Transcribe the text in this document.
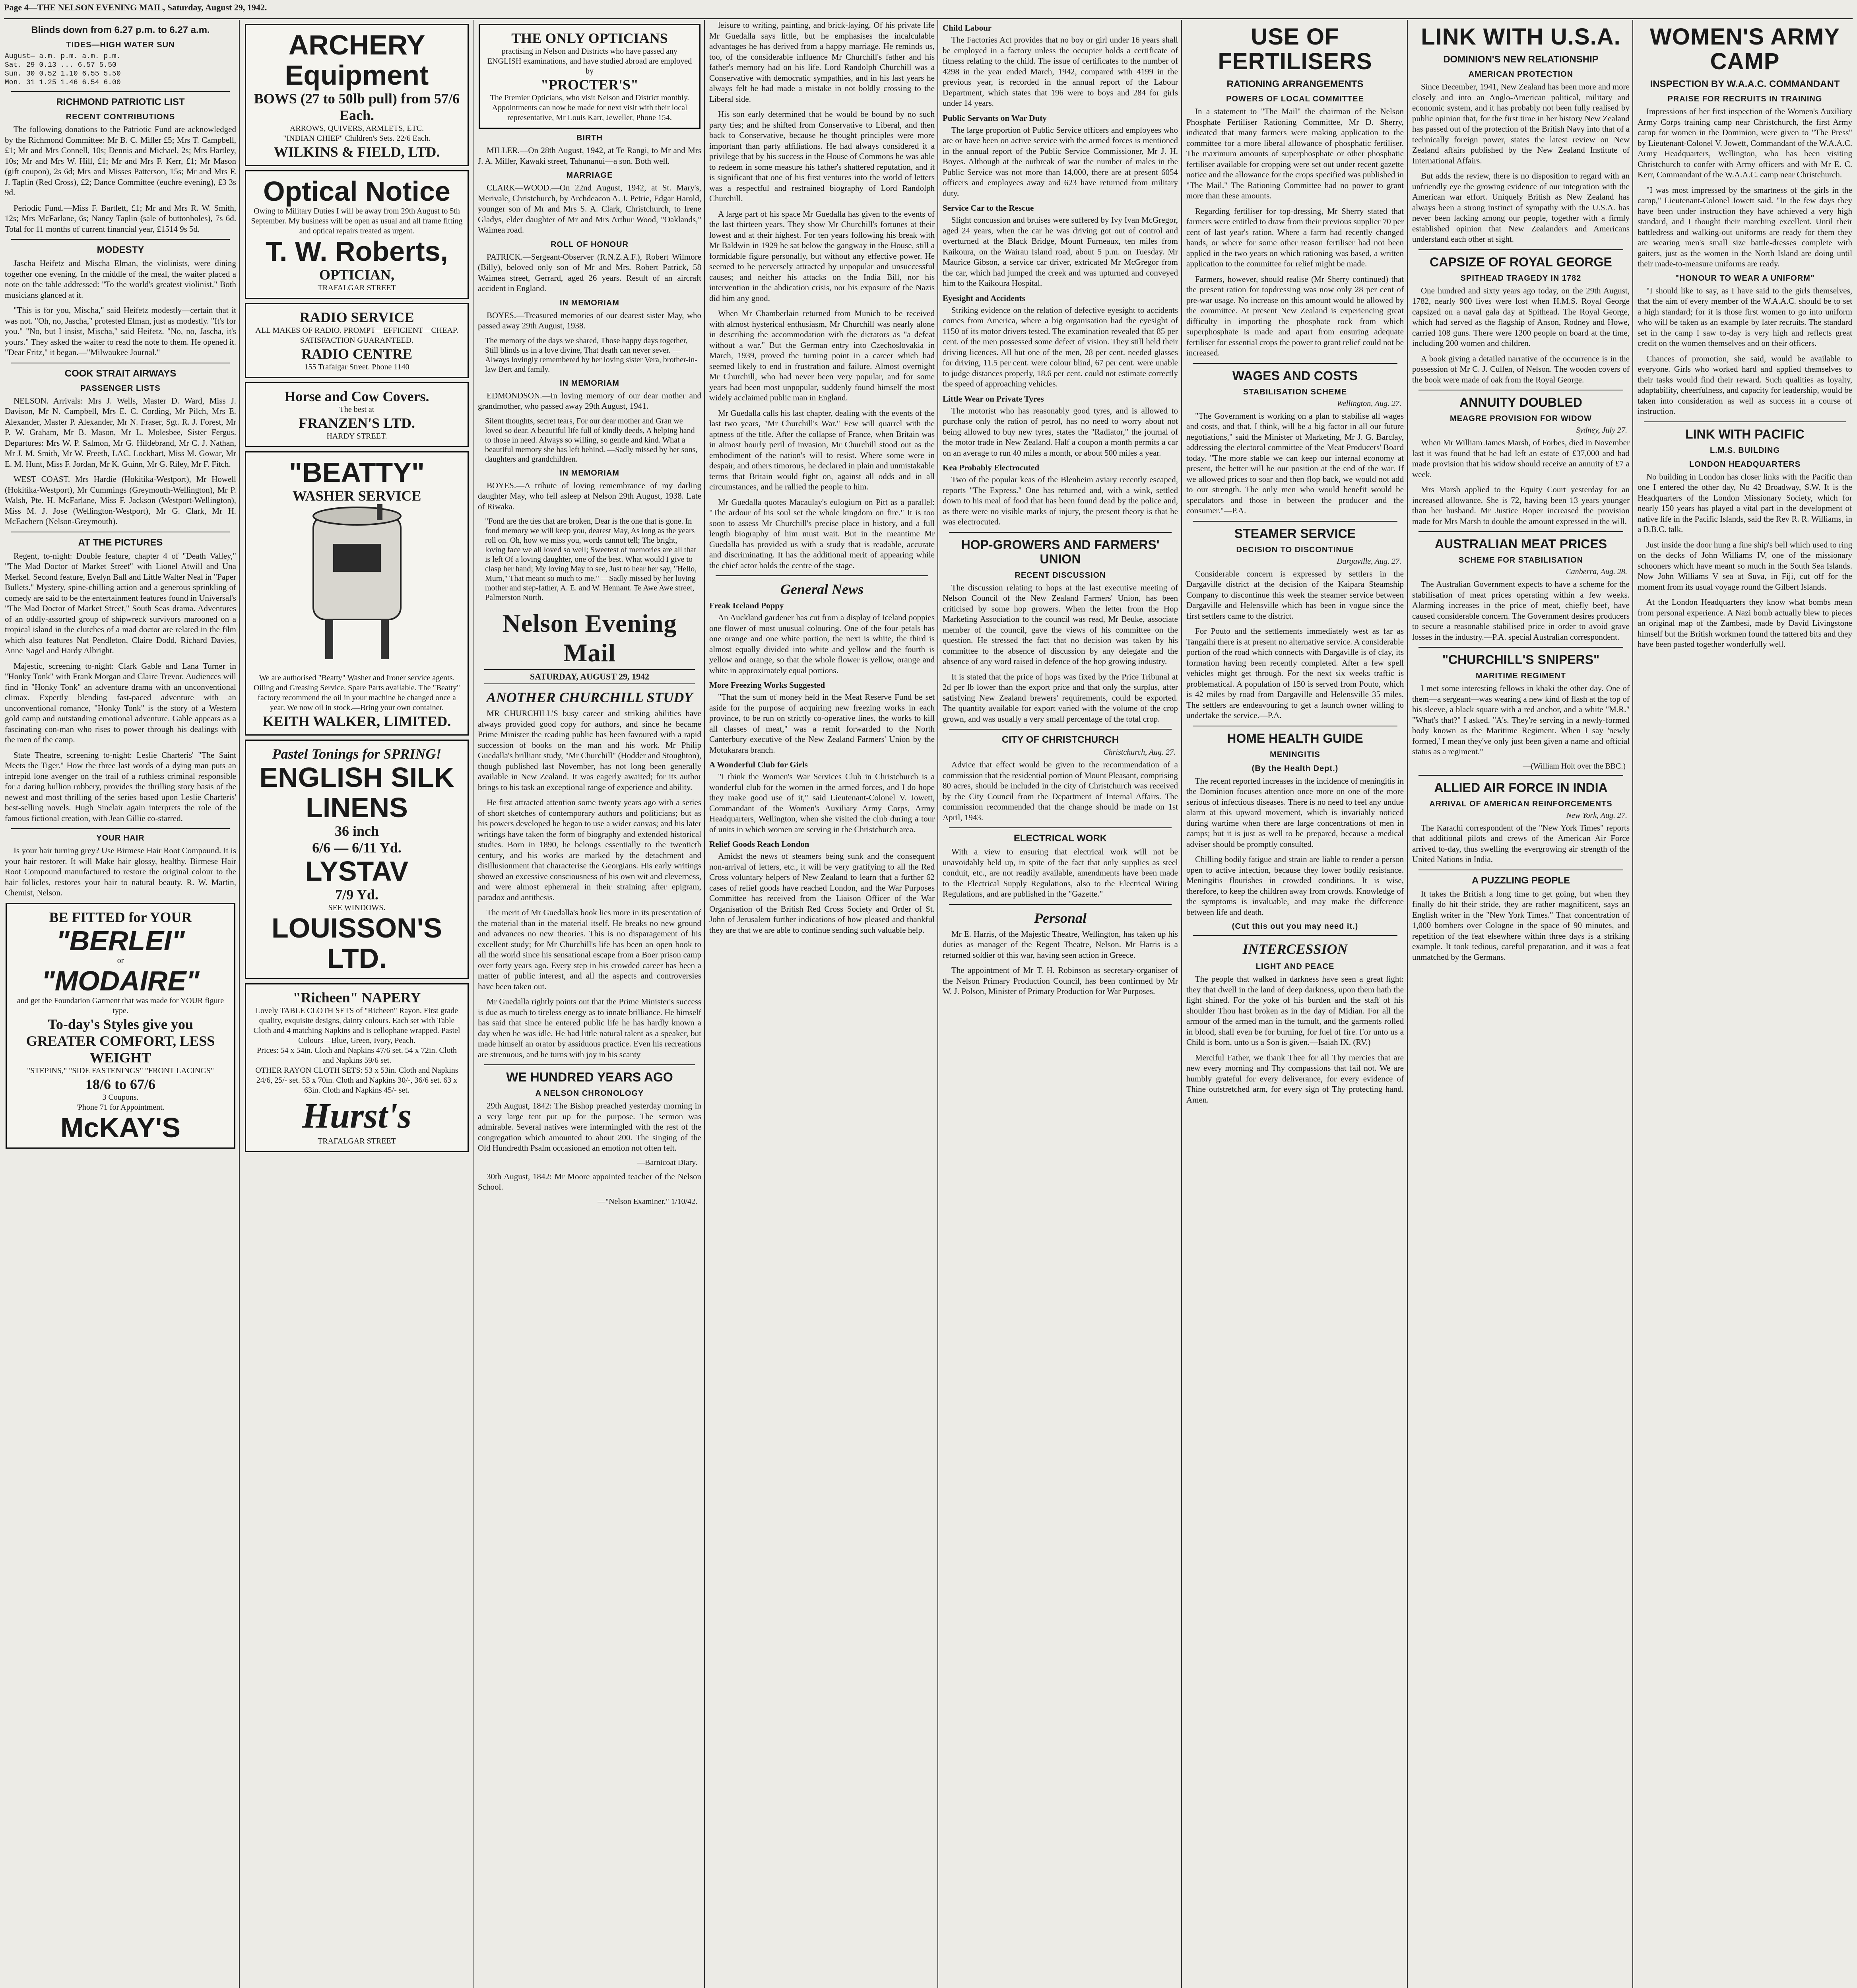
Page 4—THE NELSON EVENING MAIL, Saturday, August 29, 1942.
Blinds down from 6.27 p.m. to 6.27 a.m.
TIDES—HIGH WATER SUN
August— a.m. p.m. a.m. p.m.
Sat. 29 0.13 ... 6.57 5.50
Sun. 30 0.52 1.10 6.55 5.50
Mon. 31 1.25 1.46 6.54 6.00
RICHMOND PATRIOTIC LIST
RECENT CONTRIBUTIONS

The following donations to the Patriotic Fund are acknowledged by the Richmond Committee: Mr B. C. Miller £5; Mrs T. Campbell, £1; Mr and Mrs Connell, 10s; Dennis and Michael, 2s; Mrs Hartley, 10s; Mr and Mrs W. Hill, £1; Mr and Mrs F. Kerr, £1; Mr Mason (gift coupon), 2s 6d; Mrs and Misses Patterson, 15s; Mr and Mrs F. J. Taplin (Red Cross), £2; Dance Committee (euchre evening), £3 3s 9d.

Periodic Fund.—Miss F. Bartlett, £1; Mr and Mrs R. W. Smith, 12s; Mrs McFarlane, 6s; Nancy Taplin (sale of buttonholes), 7s 6d. Total for 11 months of current financial year, £1514 9s 5d.

MODESTY

Jascha Heifetz and Mischa Elman, the violinists, were dining together one evening. In the middle of the meal, the waiter placed a note on the table addressed: "To the world's greatest violinist." Both musicians glanced at it.

"This is for you, Mischa," said Heifetz modestly—certain that it was not. "Oh, no, Jascha," protested Elman, just as modestly. "It's for you." "No, but I insist, Mischa," said Heifetz. "No, no, Jascha, it's yours." They asked the waiter to read the note to them. He opened it. "Dear Fritz," it began.—"Milwaukee Journal."

COOK STRAIT AIRWAYS
PASSENGER LISTS

NELSON. Arrivals: Mrs J. Wells, Master D. Ward, Miss J. Davison, Mr N. Campbell, Mrs E. C. Cording, Mr Pilch, Mrs E. Alexander, Master P. Alexander, Mr N. Fraser, Sgt. R. J. Forest, Mr P. W. Graham, Mr B. Mason, Mr L. Molesbee, Sister Fergus. Departures: Mrs W. P. Salmon, Mr G. Hildebrand, Mr C. J. Nathan, Mr J. M. Smith, Mr W. Freeth, LAC. Lockhart, Miss M. Gowar, Mr E. M. Hunt, Miss F. Jordan, Mr K. Guinn, Mr G. Riley, Mr F. Fitch.

WEST COAST. Mrs Hardie (Hokitika-Westport), Mr Howell (Hokitika-Westport), Mr Cummings (Greymouth-Wellington), Mr P. Walsh, Pte. H. McFarlane, Miss F. Jackson (Westport-Wellington), Miss M. J. Jose (Wellington-Westport), Mr G. Clark, Mr H. McEachern (Nelson-Greymouth).

AT THE PICTURES

Regent, to-night: Double feature, chapter 4 of "Death Valley," "The Mad Doctor of Market Street" with Lionel Atwill and Una Merkel. Second feature, Evelyn Ball and Little Walter Neal in "Paper Bullets." Mystery, spine-chilling action and a generous sprinkling of comedy are said to be the entertainment features found in Universal's "The Mad Doctor of Market Street," South Seas drama. Adventures of an oddly-assorted group of shipwreck survivors marooned on a tropical island in the clutches of a mad doctor are related in the film which also features Nat Pendleton, Claire Dodd, Richard Davies, Anne Nagel and Hardy Albright.

Majestic, screening to-night: Clark Gable and Lana Turner in "Honky Tonk" with Frank Morgan and Claire Trevor. Audiences will find in "Honky Tonk" an adventure drama with an unconventional climax. Expertly blending fast-paced adventure with an unconventional romance, "Honky Tonk" is the story of a Western gold camp and outstanding emotional adventure. Gable appears as a fascinating con-man who rises to power through his dealings with the men of the camp.

State Theatre, screening to-night: Leslie Charteris' "The Saint Meets the Tiger." How the three last words of a dying man puts an intrepid lone avenger on the trail of a ruthless criminal responsible for a daring bullion robbery, provides the thrilling story basis of the newest and most thrilling of the series based upon Leslie Charteris' best-selling novels. Hugh Sinclair again interprets the role of the famous fictional creation, with Jean Gillie co-starred.

YOUR HAIR

Is your hair turning grey? Use Birmese Hair Root Compound. It is your hair restorer. It will Make hair glossy, healthy. Birmese Hair Root Compound manufactured to restore the original colour to the hair follicles, restores your hair to natural beauty. R. W. Martin, Chemist, Nelson.

BE FITTED for YOUR
"BERLEI"
or
"MODAIRE"
and get the Foundation Garment that was made for YOUR figure type.
To-day's Styles give you GREATER COMFORT, LESS WEIGHT
"STEPINS," "SIDE FASTENINGS" "FRONT LACINGS"
18/6 to 67/6
3 Coupons.
'Phone 71 for Appointment.
McKAY'S
ARCHERY Equipment
BOWS (27 to 50lb pull) from 57/6 Each.
ARROWS, QUIVERS, ARMLETS, ETC.
"INDIAN CHIEF" Children's Sets. 22/6 Each.
WILKINS & FIELD, LTD.
Optical Notice
Owing to Military Duties I will be away from 29th August to 5th September. My business will be open as usual and all frame fitting and optical repairs treated as urgent.
T. W. Roberts,
OPTICIAN,
TRAFALGAR STREET
RADIO SERVICE
ALL MAKES OF RADIO. PROMPT—EFFICIENT—CHEAP. SATISFACTION GUARANTEED.
RADIO CENTRE
155 Trafalgar Street. Phone 1140
Horse and Cow Covers.
The best at
FRANZEN'S LTD.
HARDY STREET.
"BEATTY"
WASHER SERVICE
We are authorised "Beatty" Washer and Ironer service agents. Oiling and Greasing Service. Spare Parts available. The "Beatty" factory recommend the oil in your machine be changed once a year. We now oil in stock.—Bring your own container.
KEITH WALKER, LIMITED.
Pastel Tonings for SPRING!
ENGLISH SILK LINENS
36 inch
6/6 — 6/11 Yd.
LYSTAV
7/9 Yd.
SEE WINDOWS.
LOUISSON'S LTD.
"Richeen" NAPERY
Lovely TABLE CLOTH SETS of "Richeen" Rayon. First grade quality, exquisite designs, dainty colours. Each set with Table Cloth and 4 matching Napkins and is cellophane wrapped. Pastel Colours—Blue, Green, Ivory, Peach.
Prices: 54 x 54in. Cloth and Napkins 47/6 set. 54 x 72in. Cloth and Napkins 59/6 set.
OTHER RAYON CLOTH SETS: 53 x 53in. Cloth and Napkins 24/6, 25/- set. 53 x 70in. Cloth and Napkins 30/-, 36/6 set. 63 x 63in. Cloth and Napkins 45/- set.
Hurst's
TRAFALGAR STREET
THE ONLY OPTICIANS
practising in Nelson and Districts who have passed any ENGLISH examinations, and have studied abroad are employed by
"PROCTER'S"
The Premier Opticians, who visit Nelson and District monthly. Appointments can now be made for next visit with their local representative, Mr Louis Karr, Jeweller, Phone 154.
BIRTH

MILLER.—On 28th August, 1942, at Te Rangi, to Mr and Mrs J. A. Miller, Kawaki street, Tahunanui—a son. Both well.

MARRIAGE

CLARK—WOOD.—On 22nd August, 1942, at St. Mary's, Merivale, Christchurch, by Archdeacon A. J. Petrie, Edgar Harold, younger son of Mr and Mrs S. A. Clark, Christchurch, to Irene Gladys, elder daughter of Mr and Mrs Arthur Wood, "Oaklands," Waimea road.

ROLL OF HONOUR

PATRICK.—Sergeant-Observer (R.N.Z.A.F.), Robert Wilmore (Billy), beloved only son of Mr and Mrs. Robert Patrick, 58 Waimea street, Gerrard, aged 26 years. Result of an aircraft accident in England.

IN MEMORIAM

BOYES.—Treasured memories of our dearest sister May, who passed away 29th August, 1938.

The memory of the days we shared, Those happy days together, Still blinds us in a love divine, That death can never sever. —Always lovingly remembered by her loving sister Vera, brother-in-law Bert and family.
IN MEMORIAM

EDMONDSON.—In loving memory of our dear mother and grandmother, who passed away 29th August, 1941.

Silent thoughts, secret tears, For our dear mother and Gran we loved so dear. A beautiful life full of kindly deeds, A helping hand to those in need. Always so willing, so gentle and kind. What a beautiful memory she has left behind. —Sadly missed by her sons, daughters and grandchildren.
IN MEMORIAM

BOYES.—A tribute of loving remembrance of my darling daughter May, who fell asleep at Nelson 29th August, 1938. Late of Riwaka.

"Fond are the ties that are broken, Dear is the one that is gone. In fond memory we will keep you, dearest May, As long as the years roll on. Oh, how we miss you, words cannot tell; The bright, loving face we all loved so well; Sweetest of memories are all that is left Of a loving daughter, one of the best. What would I give to clasp her hand; My loving May to see, Just to hear her say, "Hello, Mum," That meant so much to me." —Sadly missed by her loving mother and step-father, A. E. and W. Hennant. Te Awe Awe street, Palmerston North.
Nelson Evening Mail
SATURDAY, AUGUST 29, 1942
ANOTHER CHURCHILL STUDY

MR CHURCHILL'S busy career and striking abilities have always provided good copy for authors, and since he became Prime Minister the reading public has been favoured with a rapid succession of books on the man and his work. Mr Philip Guedalla's brilliant study, "Mr Churchill" (Hodder and Stoughton), though published last November, has not long been generally available in New Zealand. It was eagerly awaited; for its author brings to his task an exceptional range of experience and ability.

He first attracted attention some twenty years ago with a series of short sketches of contemporary authors and politicians; but as his powers developed he began to use a wider canvas; and his later writings have taken the form of biography and extended historical studies. Born in 1890, he belongs essentially to the twentieth century, and his works are marked by the detachment and disillusionment that characterise the Georgians. His early writings showed an excessive consciousness of his own wit and cleverness, and were almost ephemeral in their straining after epigram, paradox and antithesis.

The merit of Mr Guedalla's book lies more in its presentation of the material than in the material itself. He breaks no new ground and advances no new theories. This is no disparagement of his excellent study; for Mr Churchill's life has been an open book to all the world since his sensational escape from a Boer prison camp over forty years ago. Every step in his crowded career has been a matter of public interest, and all the aspects and controversies have been taken out.

Mr Guedalla rightly points out that the Prime Minister's success is due as much to tireless energy as to innate brilliance. He himself has said that since he entered public life he has hardly known a day when he was idle. He had little natural talent as a speaker, but made himself an orator by assiduous practice. Even his recreations are strenuous, and he turns with joy in his scanty

WE HUNDRED YEARS AGO
A NELSON CHRONOLOGY

29th August, 1842: The Bishop preached yesterday morning in a very large tent put up for the purpose. The sermon was admirable. Several natives were intermingled with the rest of the congregation which amounted to about 200. The singing of the Old Hundredth Psalm occasioned an emotion not often felt.

—Barnicoat Diary.

30th August, 1842: Mr Moore appointed teacher of the Nelson School.

—"Nelson Examiner," 1/10/42.

leisure to writing, painting, and brick-laying. Of his private life Mr Guedalla says little, but he emphasises the incalculable advantages he has derived from a happy marriage. He reminds us, too, of the considerable influence Mr Churchill's father and his father's memory had on his life. Lord Randolph Churchill was a Conservative with democratic sympathies, and in his last years he always felt he had made a mistake in not boldly crossing to the Liberal side.

His son early determined that he would be bound by no such party ties; and he shifted from Conservative to Liberal, and then back to Conservative, because he thought principles were more important than party affiliations. He had always considered it a privilege that by his success in the House of Commons he was able to redeem in some measure his father's shattered reputation, and it is significant that one of his first ventures into the world of letters was a respectful and restrained biography of Lord Randolph Churchill.

A large part of his space Mr Guedalla has given to the events of the last thirteen years. They show Mr Churchill's fortunes at their lowest and at their highest. For ten years following his break with Mr Baldwin in 1929 he sat below the gangway in the House, still a formidable figure personally, but without any effective power. He seemed to be perversely attracted by unpopular and unsuccessful causes; and neither his attacks on the India Bill, nor his intervention in the abdication crisis, nor his exposure of the Nazis did him any good.

When Mr Chamberlain returned from Munich to be received with almost hysterical enthusiasm, Mr Churchill was nearly alone in describing the accommodation with the dictators as "a defeat without a war." But the German entry into Czechoslovakia in March, 1939, proved the turning point in a career which had seemed likely to end in frustration and failure. Almost overnight Mr Churchill, who had never been very popular, and for some years had been most unpopular, suddenly found himself the most widely acclaimed public man in England.

Mr Guedalla calls his last chapter, dealing with the events of the last two years, "Mr Churchill's War." Few will quarrel with the aptness of the title. After the collapse of France, when Britain was in almost hourly peril of invasion, Mr Churchill stood out as the embodiment of the nation's will to resist. Where some were in despair, and others timorous, he declared in plain and unmistakable terms that Britain would fight on, against all odds and in all circumstances, and he rallied the people to him.

Mr Guedalla quotes Macaulay's eulogium on Pitt as a parallel: "The ardour of his soul set the whole kingdom on fire." It is too soon to assess Mr Churchill's precise place in history, and a full length biography of him must wait. But in the meantime Mr Guedalla has provided us with a study that is readable, accurate and discriminating. It has the additional merit of appearing while the chief actor holds the centre of the stage.

General News
Freak Iceland Poppy

An Auckland gardener has cut from a display of Iceland poppies one flower of most unusual colouring. One of the four petals has one orange and one white portion, the next is white, the third is almost equally divided into white and yellow and the fourth is yellow and orange, so that the whole flower is yellow, orange and white in approximately equal portions.

More Freezing Works Suggested

"That the sum of money held in the Meat Reserve Fund be set aside for the purpose of acquiring new freezing works in each province, to be run on strictly co-operative lines, the works to kill all classes of meat," was a remit forwarded to the North Canterbury executive of the New Zealand Farmers' Union by the Motukarara branch.

A Wonderful Club for Girls

"I think the Women's War Services Club in Christchurch is a wonderful club for the women in the armed forces, and I do hope they make good use of it," said Lieutenant-Colonel V. Jowett, Commandant of the Women's Auxiliary Army Corps, Army Headquarters, Wellington, when she visited the club during a tour of units in which women are serving in the Christchurch area.

Relief Goods Reach London

Amidst the news of steamers being sunk and the consequent non-arrival of letters, etc., it will be very gratifying to all the Red Cross voluntary helpers of New Zealand to learn that a further 62 cases of relief goods have reached London, and the War Purposes Committee has received from the Liaison Officer of the War Organisation of the British Red Cross Society and Order of St. John of Jerusalem further indications of how pleased and thankful they are that we are able to continue sending such valuable help.

Child Labour

The Factories Act provides that no boy or girl under 16 years shall be employed in a factory unless the occupier holds a certificate of fitness relating to the child. The issue of certificates to the number of 4298 in the year ended March, 1942, compared with 4199 in the previous year, is recorded in the annual report of the Labour Department, which states that 196 were to boys and 284 for girls under 14 years.

Public Servants on War Duty

The large proportion of Public Service officers and employees who are or have been on active service with the armed forces is mentioned in the annual report of the Public Service Commissioner, Mr J. H. Boyes. Although at the outbreak of war the number of males in the Public Service was not more than 14,000, there are at present 6054 officers and employees away and 623 have returned from military duty.

Service Car to the Rescue

Slight concussion and bruises were suffered by Ivy Ivan McGregor, aged 24 years, when the car he was driving got out of control and overturned at the Black Bridge, Mount Furneaux, ten miles from Kaikoura, on the Wairau Island road, about 5 p.m. on Tuesday. Mr Maurice Gibson, a service car driver, extricated Mr McGregor from the car, which had jumped the creek and was upturned and conveyed him to the Kaikoura Hospital.

Eyesight and Accidents

Striking evidence on the relation of defective eyesight to accidents comes from America, where a big organisation had the eyesight of 1150 of its motor drivers tested. The examination revealed that 85 per cent. of the men possessed some defect of vision. They still held their driving licences. All but one of the men, 28 per cent. needed glasses for driving, 11.5 per cent. were colour blind, 67 per cent. were unable to judge distances properly, 18.6 per cent. could not estimate correctly the speed of approaching vehicles.

Little Wear on Private Tyres

The motorist who has reasonably good tyres, and is allowed to purchase only the ration of petrol, has no need to worry about not being allowed to buy new tyres, states the "Radiator," the journal of the motor trade in New Zealand. Half a coupon a month permits a car on an average to run 40 miles a month, or about 500 miles a year.

Kea Probably Electrocuted

Two of the popular keas of the Blenheim aviary recently escaped, reports "The Express." One has returned and, with a wink, settled down to his meal of food that has been found dead by the police and, as there were no visible marks of injury, the present theory is that he was electrocuted.

HOP-GROWERS AND FARMERS' UNION
RECENT DISCUSSION

The discussion relating to hops at the last executive meeting of Nelson Council of the New Zealand Farmers' Union, has been criticised by some hop growers. When the letter from the Hop Marketing Association to the council was read, Mr Beuke, associate member of the council, gave the views of his committee on the question. He stressed the fact that no decision was taken by his committee to the absence of discussion by any delegate and the absence of any word raised in defence of the hop growing industry.

It is stated that the price of hops was fixed by the Price Tribunal at 2d per lb lower than the export price and that only the surplus, after satisfying New Zealand brewers' requirements, could be exported. The quantity available for export varied with the volume of the crop grown, and was usually a very small percentage of the total crop.

CITY OF CHRISTCHURCH
Christchurch, Aug. 27.

Advice that effect would be given to the recommendation of a commission that the residential portion of Mount Pleasant, comprising 80 acres, should be included in the city of Christchurch was received by the City Council from the Department of Internal Affairs. The commission recommended that the change should be made on 1st April, 1943.

ELECTRICAL WORK

With a view to ensuring that electrical work will not be unavoidably held up, in spite of the fact that only supplies as steel conduit, etc., are not readily available, amendments have been made to the Electrical Supply Regulations, also to the Electrical Wiring Regulations, and are published in the "Gazette."

Personal

Mr E. Harris, of the Majestic Theatre, Wellington, has taken up his duties as manager of the Regent Theatre, Nelson. Mr Harris is a returned soldier of this war, having seen action in Greece.

The appointment of Mr T. H. Robinson as secretary-organiser of the Nelson Primary Production Council, has been confirmed by Mr W. J. Polson, Minister of Primary Production for War Purposes.

USE OF FERTILISERS
RATIONING ARRANGEMENTS
POWERS OF LOCAL COMMITTEE

In a statement to "The Mail" the chairman of the Nelson Phosphate Fertiliser Rationing Committee, Mr D. Sherry, indicated that many farmers were making application to the committee for a more liberal allowance of phosphatic fertiliser. The maximum amounts of superphosphate or other phosphatic fertiliser available for cropping were set out under recent gazette notice and the allowance for the crops specified was published in "The Mail." The Rationing Committee had no power to grant more than these amounts.

Regarding fertiliser for top-dressing, Mr Sherry stated that farmers were entitled to draw from their previous supplier 70 per cent of last year's ration. Where a farm had recently changed hands, or where for some other reason fertiliser had not been applied in the two years on which rationing was based, a written application to the committee for relief might be made.

Farmers, however, should realise (Mr Sherry continued) that the present ration for topdressing was now only 28 per cent of pre-war usage. No increase on this amount would be allowed by the committee. At present New Zealand is experiencing great difficulty in importing the phosphate rock from which superphosphate is made and apart from ensuring adequate fertiliser for essential crops the power to grant relief could not be increased.

WAGES AND COSTS
STABILISATION SCHEME
Wellington, Aug. 27.

"The Government is working on a plan to stabilise all wages and costs, and that, I think, will be a big factor in all our future negotiations," said the Minister of Marketing, Mr J. G. Barclay, addressing the electoral committee of the Meat Producers' Board today. "The more stable we can keep our internal economy at present, the better will be our position at the end of the war. If we allowed prices to soar and then flop back, we would not add to our strength. The only men who would benefit would be speculators and those in between the producer and the consumer."—P.A.

STEAMER SERVICE
DECISION TO DISCONTINUE
Dargaville, Aug. 27.

Considerable concern is expressed by settlers in the Dargaville district at the decision of the Kaipara Steamship Company to discontinue this week the steamer service between Dargaville and Helensville which has been in vogue since the first settlers came to the district.

For Pouto and the settlements immediately west as far as Tangaihi there is at present no alternative service. A considerable portion of the road which connects with Dargaville is of clay, its formation having been recently completed. After a few spell vehicles might get through. For the next six weeks traffic is problematical. A population of 150 is served from Pouto, which is 42 miles by road from Dargaville and Helensville 35 miles. The settlers are endeavouring to get a launch owner willing to undertake the service.—P.A.

HOME HEALTH GUIDE
MENINGITIS
(By the Health Dept.)

The recent reported increases in the incidence of meningitis in the Dominion focuses attention once more on one of the more serious of infectious diseases. There is no need to feel any undue alarm at this upward movement, which is invariably noticed during wartime when there are large concentrations of men in camps; but it is just as well to be prepared, because a medical adviser should be promptly consulted.

Chilling bodily fatigue and strain are liable to render a person open to active infection, because they lower bodily resistance. Meningitis flourishes in crowded conditions. It is wise, therefore, to keep the children away from crowds. Knowledge of the symptoms is invaluable, and may make the difference between life and death.

(Cut this out you may need it.)
INTERCESSION
LIGHT AND PEACE

The people that walked in darkness have seen a great light: they that dwell in the land of deep darkness, upon them hath the light shined. For the yoke of his burden and the staff of his shoulder Thou hast broken as in the day of Midian. For all the armour of the armed man in the tumult, and the garments rolled in blood, shall even be for burning, for fuel of fire. For unto us a Child is born, unto us a Son is given.—Isaiah IX. (RV.)

Merciful Father, we thank Thee for all Thy mercies that are new every morning and Thy compassions that fail not. We are humbly grateful for every deliverance, for every evidence of Thine outstretched arm, for every sign of Thy protecting hand. Amen.

LINK WITH U.S.A.
DOMINION'S NEW RELATIONSHIP
AMERICAN PROTECTION

Since December, 1941, New Zealand has been more and more closely and into an Anglo-American political, military and economic system, and it has probably not been fully realised by public opinion that, for the first time in her history New Zealand has passed out of the protection of the British Navy into that of a technically foreign power, states the latest review on New Zealand affairs published by the New Zealand Institute of International Affairs.

But adds the review, there is no disposition to regard with an unfriendly eye the growing evidence of our integration with the American war effort. Uniquely British as New Zealand has always been a strong instinct of sympathy with the U.S.A. has never been lacking among our people, together with a firmly established opinion that New Zealanders and Americans understand each other at sight.

CAPSIZE OF ROYAL GEORGE
SPITHEAD TRAGEDY IN 1782

One hundred and sixty years ago today, on the 29th August, 1782, nearly 900 lives were lost when H.M.S. Royal George capsized on a naval gala day at Spithead. The Royal George, which had served as the flagship of Anson, Rodney and Howe, carried 108 guns. There were 1200 people on board at the time, including 200 women and children.

A book giving a detailed narrative of the occurrence is in the possession of Mr C. J. Cullen, of Nelson. The wooden covers of the book were made of oak from the Royal George.

ANNUITY DOUBLED
MEAGRE PROVISION FOR WIDOW
Sydney, July 27.

When Mr William James Marsh, of Forbes, died in November last it was found that he had left an estate of £37,000 and had made provision that his widow should receive an annuity of £7 a week.

Mrs Marsh applied to the Equity Court yesterday for an increased allowance. She is 72, having been 13 years younger than her husband. Mr Justice Roper increased the provision made for Mrs Marsh to double the amount expressed in the will.

AUSTRALIAN MEAT PRICES
SCHEME FOR STABILISATION
Canberra, Aug. 28.

The Australian Government expects to have a scheme for the stabilisation of meat prices operating within a few weeks. Alarming increases in the price of meat, chiefly beef, have caused considerable concern. The Government desires producers to secure a reasonable stabilised price in order to avoid grave losses in the industry.—P.A. special Australian correspondent.

"CHURCHILL'S SNIPERS"
MARITIME REGIMENT

I met some interesting fellows in khaki the other day. One of them—a sergeant—was wearing a new kind of flash at the top of his sleeve, a black square with a red anchor, and a white "M.R." "What's that?" I asked. "A's. They're serving in a newly-formed body known as the Maritime Regiment. When I say 'newly formed,' I mean they've only just been given a name and official status as a regiment."

—(William Holt over the BBC.)
ALLIED AIR FORCE IN INDIA
ARRIVAL OF AMERICAN REINFORCEMENTS
New York, Aug. 27.

The Karachi correspondent of the "New York Times" reports that additional pilots and crews of the American Air Force arrived to-day, thus swelling the evergrowing air strength of the United Nations in India.

A PUZZLING PEOPLE

It takes the British a long time to get going, but when they finally do hit their stride, they are rather magnificent, says an English writer in the "New York Times." That concentration of 1,000 bombers over Cologne in the space of 90 minutes, and repetition of the feat elsewhere within three days is a striking example. It took tedious, careful preparation, and it was a feat unmatched by the Germans.

WOMEN'S ARMY CAMP
INSPECTION BY W.A.A.C. COMMANDANT
PRAISE FOR RECRUITS IN TRAINING

Impressions of her first inspection of the Women's Auxiliary Army Corps training camp near Christchurch, the first Army camp for women in the Dominion, were given to "The Press" by Lieutenant-Colonel V. Jowett, Commandant of the W.A.A.C. Army Headquarters, Wellington, who has been visiting Christchurch to confer with Army officers and with Mr E. C. Kerr, Commandant of the W.A.A.C. camp near Christchurch.

"I was most impressed by the smartness of the girls in the camp," Lieutenant-Colonel Jowett said. "In the few days they have been under instruction they have achieved a very high standard, and I thought their marching excellent. Until their battledress and walking-out uniforms are ready for them they are wearing men's small size battle-dresses complete with gaiters, just as the women in the North Island are doing until their made-to-measure uniforms are ready.

"HONOUR TO WEAR A UNIFORM"

"I should like to say, as I have said to the girls themselves, that the aim of every member of the W.A.A.C. should be to set a high standard; for it is those first women to go into uniform who will be taken as an example by later recruits. The standard set in the camp I saw to-day is very high and reflects great credit on the women themselves and on their officers.

Chances of promotion, she said, would be available to everyone. Girls who worked hard and applied themselves to their tasks would find their reward. Such qualities as loyalty, adaptability, cheerfulness, and capacity for leadership, would be taken into consideration as well as success in a course of instruction.

LINK WITH PACIFIC
L.M.S. BUILDING
LONDON HEADQUARTERS

No building in London has closer links with the Pacific than one I entered the other day, No 42 Broadway, S.W. It is the Headquarters of the London Missionary Society, which for nearly 150 years has played a vital part in the development of native life in the Pacific Islands, said the Rev R. R. Williams, in a B.B.C. talk.

Just inside the door hung a fine ship's bell which used to ring on the decks of John Williams IV, one of the missionary schooners which have meant so much in the South Sea Islands. Now John Williams V sea at Suva, in Fiji, cut off for the moment from its usual voyage round the Gilbert Islands.

At the London Headquarters they know what bombs mean from personal experience. A Nazi bomb actually blew to pieces an original map of the Zambesi, made by David Livingstone himself but the British workmen found the tattered bits and they have been pasted together wonderfully well.
